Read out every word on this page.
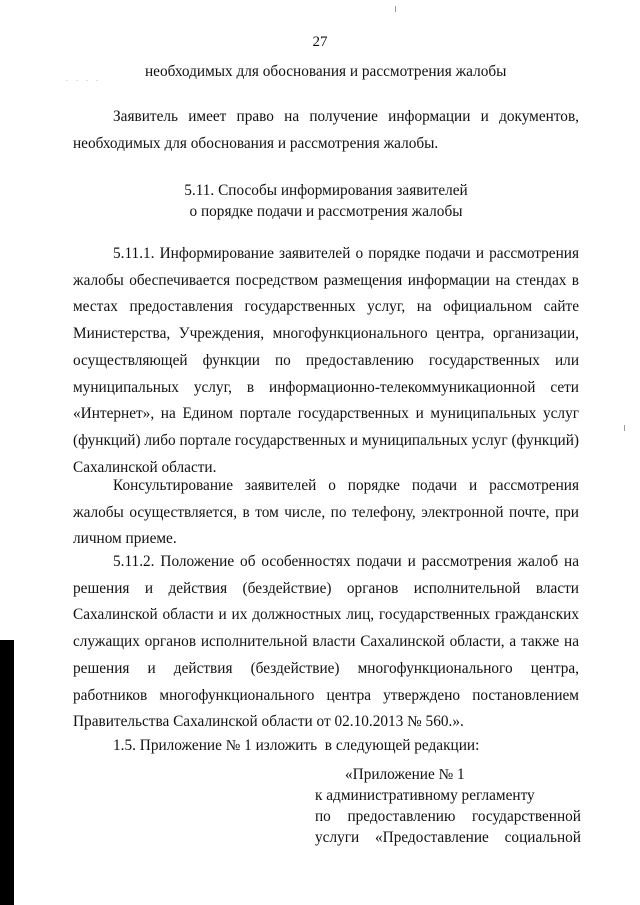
. . . .
27
необходимых для обоснования и рассмотрения жалобы
Заявитель имеет право на получение информации и документов,
необходимых для обоснования и рассмотрения жалобы.
5.11. Способы информирования заявителей
о порядке подачи и рассмотрения жалобы
5.11.1. Информирование заявителей о порядке подачи и рассмотрения
жалобы обеспечивается посредством размещения информации на стендах в
местах предоставления государственных услуг, на официальном сайте
Министерства, Учреждения, многофункционального центра, организации,
осуществляющей функции по предоставлению государственных или
муниципальных услуг, в информационно-телекоммуникационной сети
«Интернет», на Едином портале государственных и муниципальных услуг
(функций) либо портале государственных и муниципальных услуг (функций)
Сахалинской области.
Консультирование заявителей о порядке подачи и рассмотрения
жалобы осуществляется, в том числе, по телефону, электронной почте, при
личном приеме.
5.11.2. Положение об особенностях подачи и рассмотрения жалоб на
решения и действия (бездействие) органов исполнительной власти
Сахалинской области и их должностных лиц, государственных гражданских
служащих органов исполнительной власти Сахалинской области, а также на
решения и действия (бездействие) многофункционального центра,
работников многофункционального центра утверждено постановлением
Правительства Сахалинской области от 02.10.2013 № 560.».
1.5. Приложение № 1 изложить  в следующей редакции:
«Приложение № 1
к административному регламенту
по предоставлению государственной
услуги «Предоставление социальной
